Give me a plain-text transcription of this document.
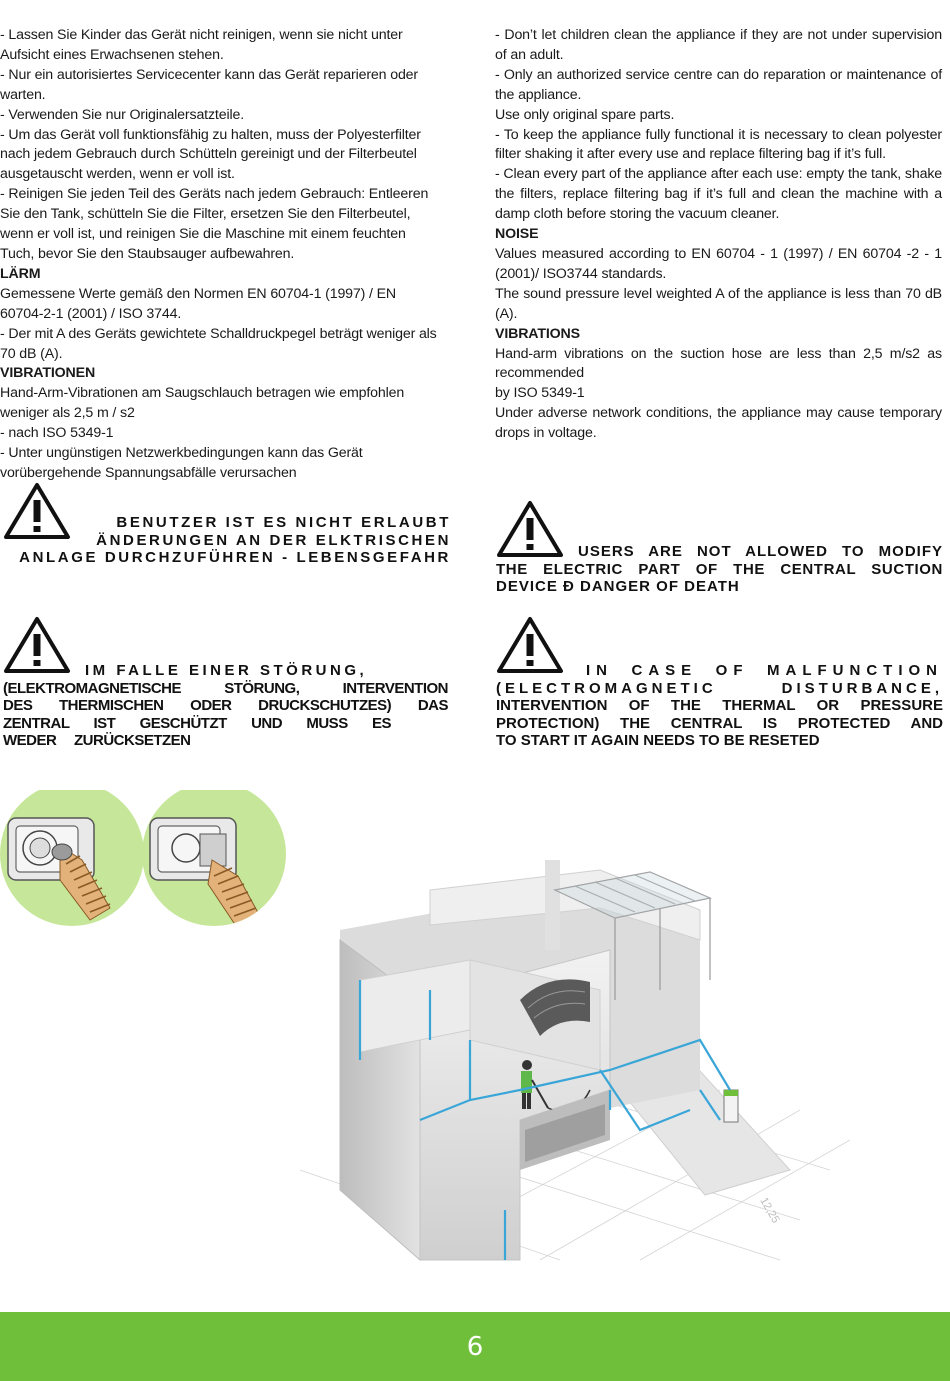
- Lassen Sie Kinder das Gerät nicht reinigen, wenn sie nicht unter Aufsicht eines Erwachsenen stehen.

- Nur ein autorisiertes Servicecenter kann das Gerät reparieren oder warten.

- Verwenden Sie nur Originalersatzteile.

- Um das Gerät voll funktionsfähig zu halten, muss der Polyesterfilter nach jedem Gebrauch durch Schütteln gereinigt und der Filterbeutel ausgetauscht werden, wenn er voll ist.

- Reinigen Sie jeden Teil des Geräts nach jedem Gebrauch: Entleeren Sie den Tank, schütteln Sie die Filter, ersetzen Sie den Filterbeutel, wenn er voll ist, und reinigen Sie die Maschine mit einem feuchten Tuch, bevor Sie den Staubsauger aufbewahren.

LÄRM

Gemessene Werte gemäß den Normen EN 60704-1 (1997) / EN 60704-2-1 (2001) / ISO 3744.

- Der mit A des Geräts gewichtete Schalldruckpegel beträgt weniger als 70 dB (A).

VIBRATIONEN

Hand-Arm-Vibrationen am Saugschlauch betragen wie empfohlen weniger als 2,5 m / s2

- nach ISO 5349-1

- Unter ungünstigen Netzwerkbedingungen kann das Gerät vorübergehende Spannungsabfälle verursachen

BENUTZER IST ES NICHT ERLAUBT
ÄNDERUNGEN AN DER ELKTRISCHEN
ANLAGE DURCHZUFÜHREN - LEBENSGEFAHR
IM FALLE EINER STÖRUNG,
(ELEKTROMAGNETISCHE STÖRUNG, INTERVENTION
DES THERMISCHEN ODER DRUCKSCHUTZES) DAS
ZENTRAL IST GESCHÜTZT UND MUSS ES
WEDER ZURÜCKSETZEN

- Don’t let children clean the appliance if they are not under supervision of an adult.

- Only an authorized service centre can do reparation or maintenance of the appliance.

Use only original spare parts.

- To keep the appliance fully functional it is necessary to clean polyester filter shaking it after every use and replace filtering bag if it’s full.

- Clean every part of the appliance after each use: empty the tank, shake the filters, replace filtering bag if it’s full and clean the machine with a damp cloth before storing the vacuum cleaner.

NOISE

Values measured according to EN 60704 - 1 (1997) / EN 60704 -2 - 1 (2001)/ ISO3744 standards.

The sound pressure level weighted A of the appliance is less than 70 dB (A).

VIBRATIONS

Hand-arm vibrations on the suction hose are less than 2,5 m/s2 as recommended

by ISO 5349-1

Under adverse network conditions, the appliance may cause temporary drops in voltage.

USERS ARE NOT ALLOWED TO MODIFY
THE ELECTRIC PART OF THE CENTRAL SUCTION
DEVICE Đ DANGER OF DEATH
IN CASE OF MALFUNCTION
(ELECTROMAGNETIC DISTURBANCE,
INTERVENTION OF THE THERMAL OR PRESSURE
PROTECTION) THE CENTRAL IS PROTECTED AND
TO START IT AGAIN NEEDS TO BE RESETED
12,25
6
